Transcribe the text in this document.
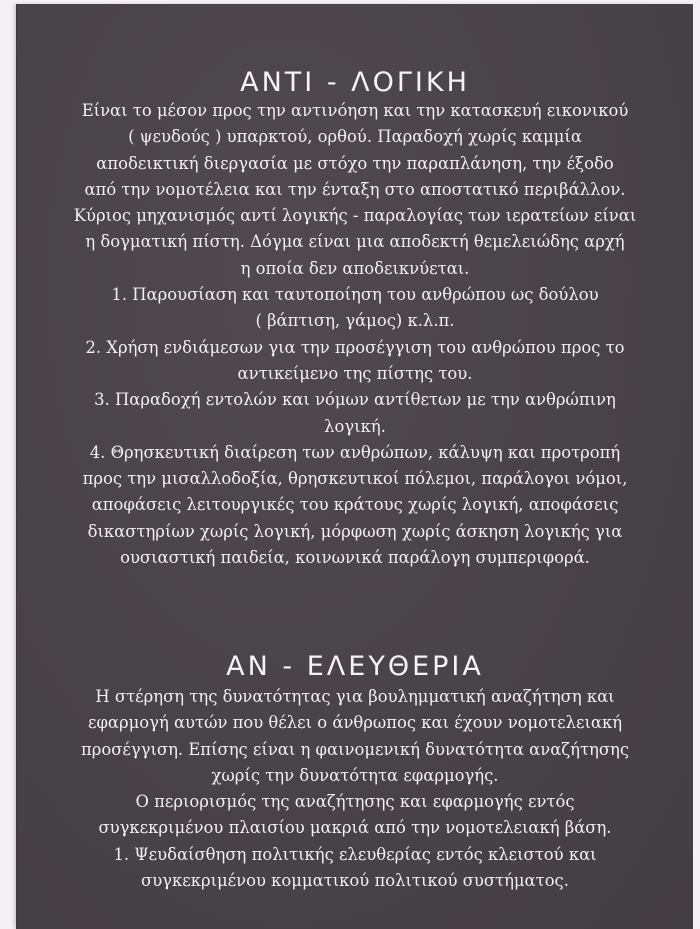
ΑΝΤΙ - ΛΟΓΙΚΗ
Είναι το μέσον προς την αντινόηση και την κατασκευή εικονικού
( ψευδούς ) υπαρκτού, ορθού. Παραδοχή χωρίς καμμία
αποδεικτική διεργασία με στόχο την παραπλάνηση, την έξοδο
από την νομοτέλεια και την ένταξη στο αποστατικό περιβάλλον.
Κύριος μηχανισμός αντί λογικής - παραλογίας των ιερατείων είναι
η δογματική πίστη. Δόγμα είναι μια αποδεκτή θεμελειώδης αρχή
η οποία δεν αποδεικνύεται.
1. Παρουσίαση και ταυτοποίηση του ανθρώπου ως δούλου
( βάπτιση, γάμος) κ.λ.π.
2. Χρήση ενδιάμεσων για την προσέγγιση του ανθρώπου προς το
αντικείμενο της πίστης του.
3. Παραδοχή εντολών και νόμων αντίθετων με την ανθρώπινη
λογική.
4. Θρησκευτική διαίρεση των ανθρώπων, κάλυψη και προτροπή
προς την μισαλλοδοξία, θρησκευτικοί πόλεμοι, παράλογοι νόμοι,
αποφάσεις λειτουργικές του κράτους χωρίς λογική, αποφάσεις
δικαστηρίων χωρίς λογική, μόρφωση χωρίς άσκηση λογικής για
ουσιαστική παιδεία, κοινωνικά παράλογη συμπεριφορά.
ΑΝ - ΕΛΕΥΘΕΡΙΑ
Η στέρηση της δυνατότητας για βουλημματική αναζήτηση και
εφαρμογή αυτών που θέλει ο άνθρωπος και έχουν νομοτελειακή
προσέγγιση. Επίσης είναι η φαινομενική δυνατότητα αναζήτησης
χωρίς την δυνατότητα εφαρμογής.
Ο περιορισμός της αναζήτησης και εφαρμογής εντός
συγκεκριμένου πλαισίου μακριά από την νομοτελειακή βάση.
1. Ψευδαίσθηση πολιτικής ελευθερίας εντός κλειστού και
συγκεκριμένου κομματικού πολιτικού συστήματος.
